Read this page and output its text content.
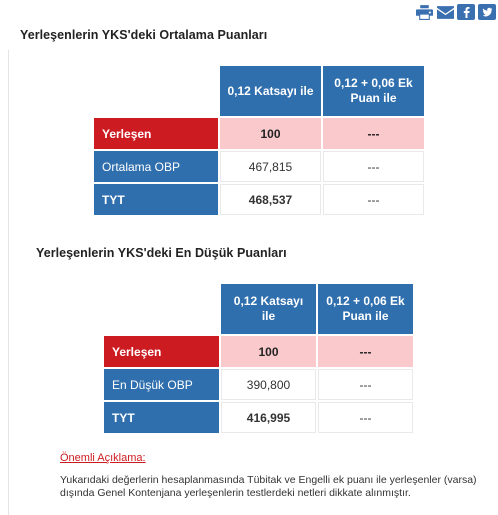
Yerleşenlerin YKS'deki Ortalama Puanları
	0,12 Katsayı ile	0,12 + 0,06 Ek Puan ile
Yerleşen	100	---
Ortalama OBP	467,815	---
TYT	468,537	---
Yerleşenlerin YKS'deki En Düşük Puanları
	0,12 Katsayı ile	0,12 + 0,06 Ek Puan ile
Yerleşen	100	---
En Düşük OBP	390,800	---
TYT	416,995	---
Önemli Açıklama:
Yukarıdaki değerlerin hesaplanmasında Tübitak ve Engelli ek puanı ile yerleşenler (varsa) dışında Genel Kontenjana yerleşenlerin testlerdeki netleri dikkate alınmıştır.
